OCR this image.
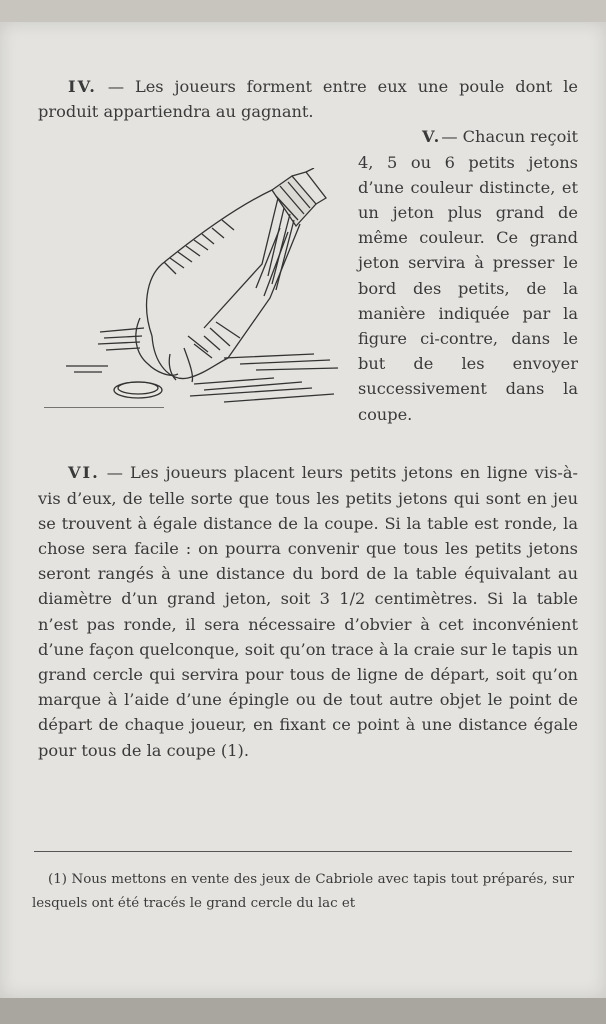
IV. — Les joueurs forment entre eux une poule dont le produit appartiendra au gagnant.

V.— Chacun reçoit

4, 5 ou 6 petits jetons d’une couleur distincte, et un jeton plus grand de même couleur. Ce grand jeton servira à presser le bord des petits, de la manière indiquée par la figure ci-contre, dans le but de les envoyer successivement dans la coupe.

VI. — Les joueurs placent leurs petits jetons en ligne vis-à-vis d’eux, de telle sorte que tous les petits jetons qui sont en jeu se trouvent à égale distance de la coupe. Si la table est ronde, la chose sera facile : on pourra convenir que tous les petits jetons seront rangés à une distance du bord de la table équivalant au diamètre d’un grand jeton, soit 3 1/2 centimètres. Si la table n’est pas ronde, il sera nécessaire d’obvier à cet inconvénient d’une façon quelconque, soit qu’on trace à la craie sur le tapis un grand cercle qui servira pour tous de ligne de départ, soit qu’on marque à l’aide d’une épingle ou de tout autre objet le point de départ de chaque joueur, en fixant ce point à une distance égale pour tous de la coupe (1).

(1) Nous mettons en vente des jeux de Cabriole avec tapis tout préparés, sur lesquels ont été tracés le grand cercle du lac et
